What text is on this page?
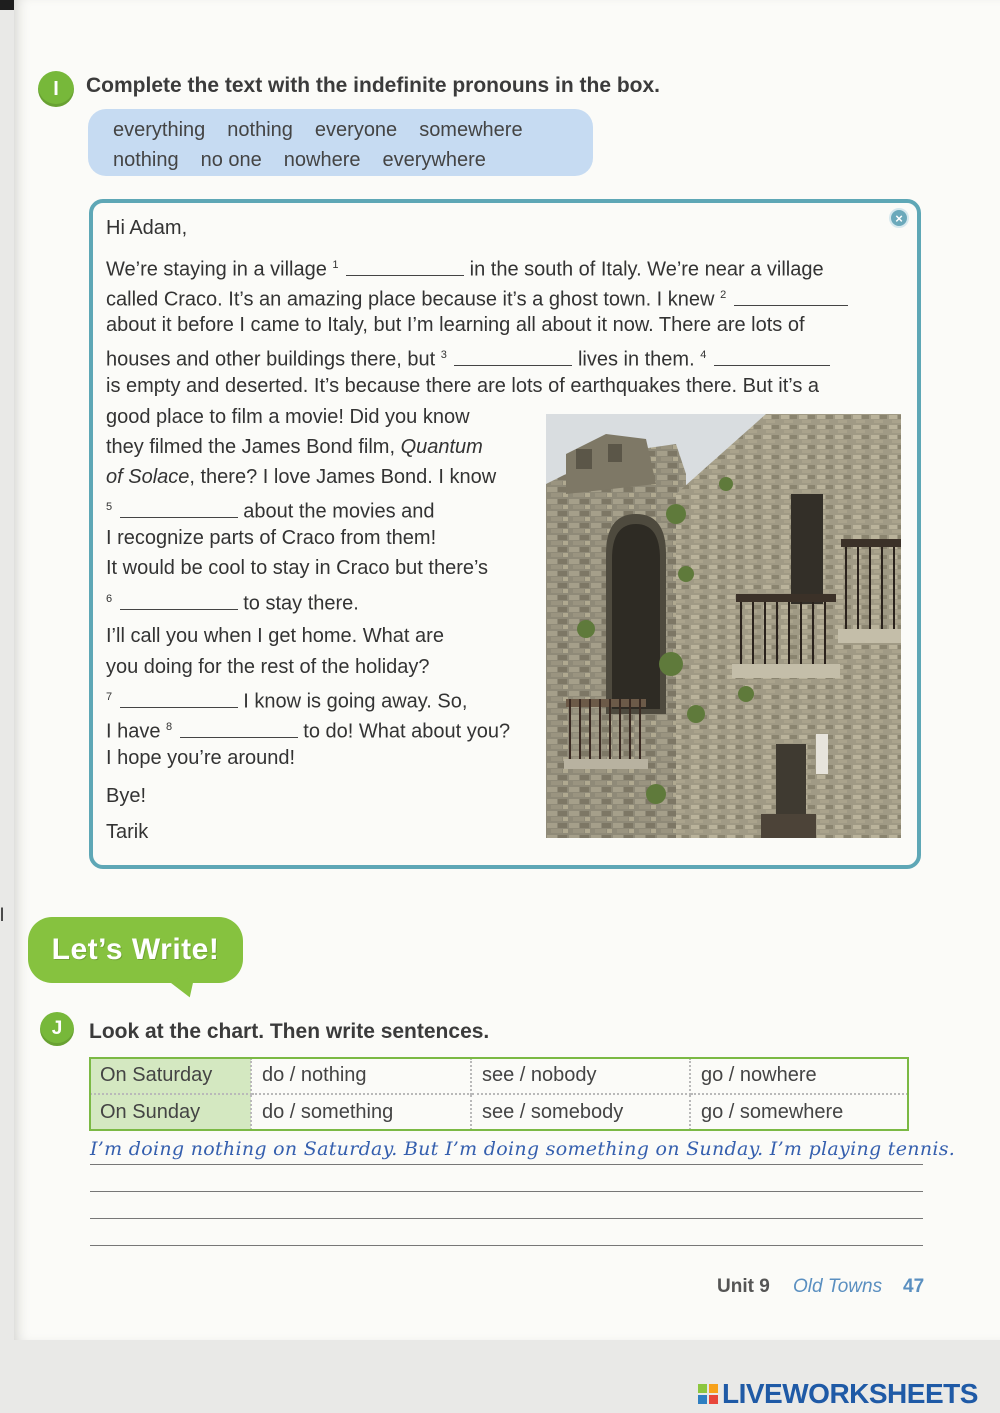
l
I	Complete the text with the indefinite pronouns in the box.
everything nothing everyone somewhere
nothing no one nowhere everywhere
×
Hi Adam,
We’re staying in a village $^1$	in the south of Italy. We’re near a village
called Craco. It’s an amazing place because it’s a ghost town. I knew $^2$
about it before I came to Italy, but I’m learning all about it now. There are lots of
houses and other buildings there, but $^3$	lives in them. $^4$
is empty and deserted. It’s because there are lots of earthquakes there. But it’s a
good place to film a movie! Did you know
they filmed the James Bond film, Quantum
of Solace, there? I love James Bond. I know
$^5$	about the movies and
I recognize parts of Craco from them!
It would be cool to stay in Craco but there’s
$^6$	to stay there.
I’ll call you when I get home. What are
you doing for the rest of the holiday?
$^7$	I know is going away. So,
I have $^8$	to do! What about you?
I hope you’re around!
Bye!
Tarik
Let’s Write!
J	Look at the chart. Then write sentences.
On Saturday	do / nothing	see / nobody	go / nowhere
On Sunday	do / something	see / somebody	go / somewhere
I’m doing nothing on Saturday. But I’m doing something on Sunday. I’m playing tennis.
Unit 9 Old Towns 47
LIVEWORKSHEETS
